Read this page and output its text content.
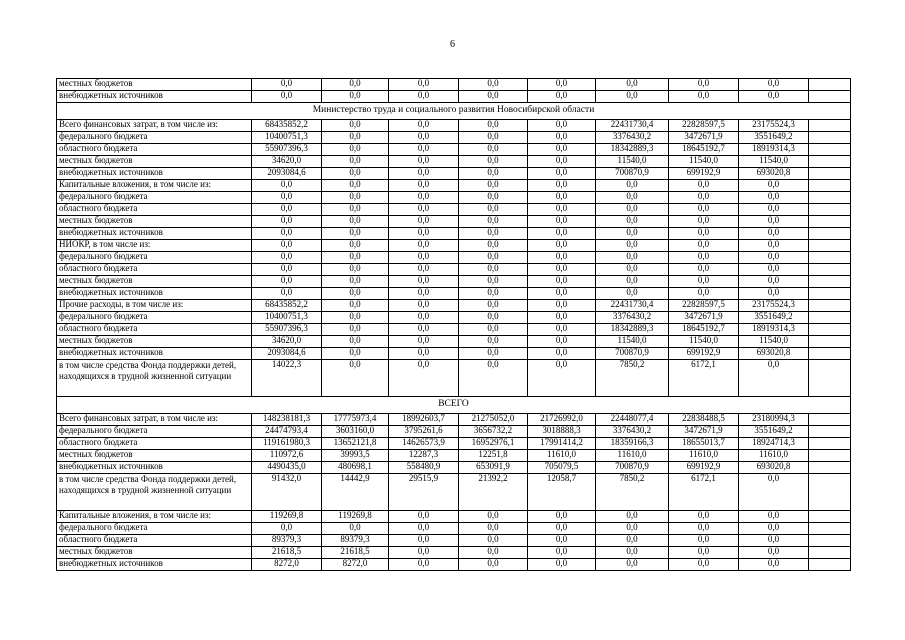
6
местных бюджетов	0,0	0,0	0,0	0,0	0,0	0,0	0,0	0,0	
внебюджетных источников	0,0	0,0	0,0	0,0	0,0	0,0	0,0	0,0	
Министерство труда и социального развития Новосибирской области									
Всего финансовых затрат, в том числе из:	68435852,2	0,0	0,0	0,0	0,0	22431730,4	22828597,5	23175524,3	
федерального бюджета	10400751,3	0,0	0,0	0,0	0,0	3376430,2	3472671,9	3551649,2	
областного бюджета	55907396,3	0,0	0,0	0,0	0,0	18342889,3	18645192,7	18919314,3	
местных бюджетов	34620,0	0,0	0,0	0,0	0,0	11540,0	11540,0	11540,0	
внебюджетных источников	2093084,6	0,0	0,0	0,0	0,0	700870,9	699192,9	693020,8	
Капитальные вложения, в том числе из:	0,0	0,0	0,0	0,0	0,0	0,0	0,0	0,0	
федерального бюджета	0,0	0,0	0,0	0,0	0,0	0,0	0,0	0,0	
областного бюджета	0,0	0,0	0,0	0,0	0,0	0,0	0,0	0,0	
местных бюджетов	0,0	0,0	0,0	0,0	0,0	0,0	0,0	0,0	
внебюджетных источников	0,0	0,0	0,0	0,0	0,0	0,0	0,0	0,0	
НИОКР, в том числе из:	0,0	0,0	0,0	0,0	0,0	0,0	0,0	0,0	
федерального бюджета	0,0	0,0	0,0	0,0	0,0	0,0	0,0	0,0	
областного бюджета	0,0	0,0	0,0	0,0	0,0	0,0	0,0	0,0	
местных бюджетов	0,0	0,0	0,0	0,0	0,0	0,0	0,0	0,0	
внебюджетных источников	0,0	0,0	0,0	0,0	0,0	0,0	0,0	0,0	
Прочие расходы, в том числе из:	68435852,2	0,0	0,0	0,0	0,0	22431730,4	22828597,5	23175524,3	
федерального бюджета	10400751,3	0,0	0,0	0,0	0,0	3376430,2	3472671,9	3551649,2	
областного бюджета	55907396,3	0,0	0,0	0,0	0,0	18342889,3	18645192,7	18919314,3	
местных бюджетов	34620,0	0,0	0,0	0,0	0,0	11540,0	11540,0	11540,0	
внебюджетных источников	2093084,6	0,0	0,0	0,0	0,0	700870,9	699192,9	693020,8	
в том числе средства Фонда поддержки детей, находящихся в трудной жизненной ситуации	14022,3	0,0	0,0	0,0	0,0	7850,2	6172,1	0,0	
ВСЕГО									
Всего финансовых затрат, в том числе из:	148238181,3	17775973,4	18992603,7	21275052,0	21726992,0	22448077,4	22838488,5	23180994,3	
федерального бюджета	24474793,4	3603160,0	3795261,6	3656732,2	3018888,3	3376430,2	3472671,9	3551649,2	
областного бюджета	119161980,3	13652121,8	14626573,9	16952976,1	17991414,2	18359166,3	18655013,7	18924714,3	
местных бюджетов	110972,6	39993,5	12287,3	12251,8	11610,0	11610,0	11610,0	11610,0	
внебюджетных источников	4490435,0	480698,1	558480,9	653091,9	705079,5	700870,9	699192,9	693020,8	
в том числе средства Фонда поддержки детей, находящихся в трудной жизненной ситуации	91432,0	14442,9	29515,9	21392,2	12058,7	7850,2	6172,1	0,0	
Капитальные вложения, в том числе из:	119269,8	119269,8	0,0	0,0	0,0	0,0	0,0	0,0	
федерального бюджета	0,0	0,0	0,0	0,0	0,0	0,0	0,0	0,0	
областного бюджета	89379,3	89379,3	0,0	0,0	0,0	0,0	0,0	0,0	
местных бюджетов	21618,5	21618,5	0,0	0,0	0,0	0,0	0,0	0,0	
внебюджетных источников	8272,0	8272,0	0,0	0,0	0,0	0,0	0,0	0,0	
